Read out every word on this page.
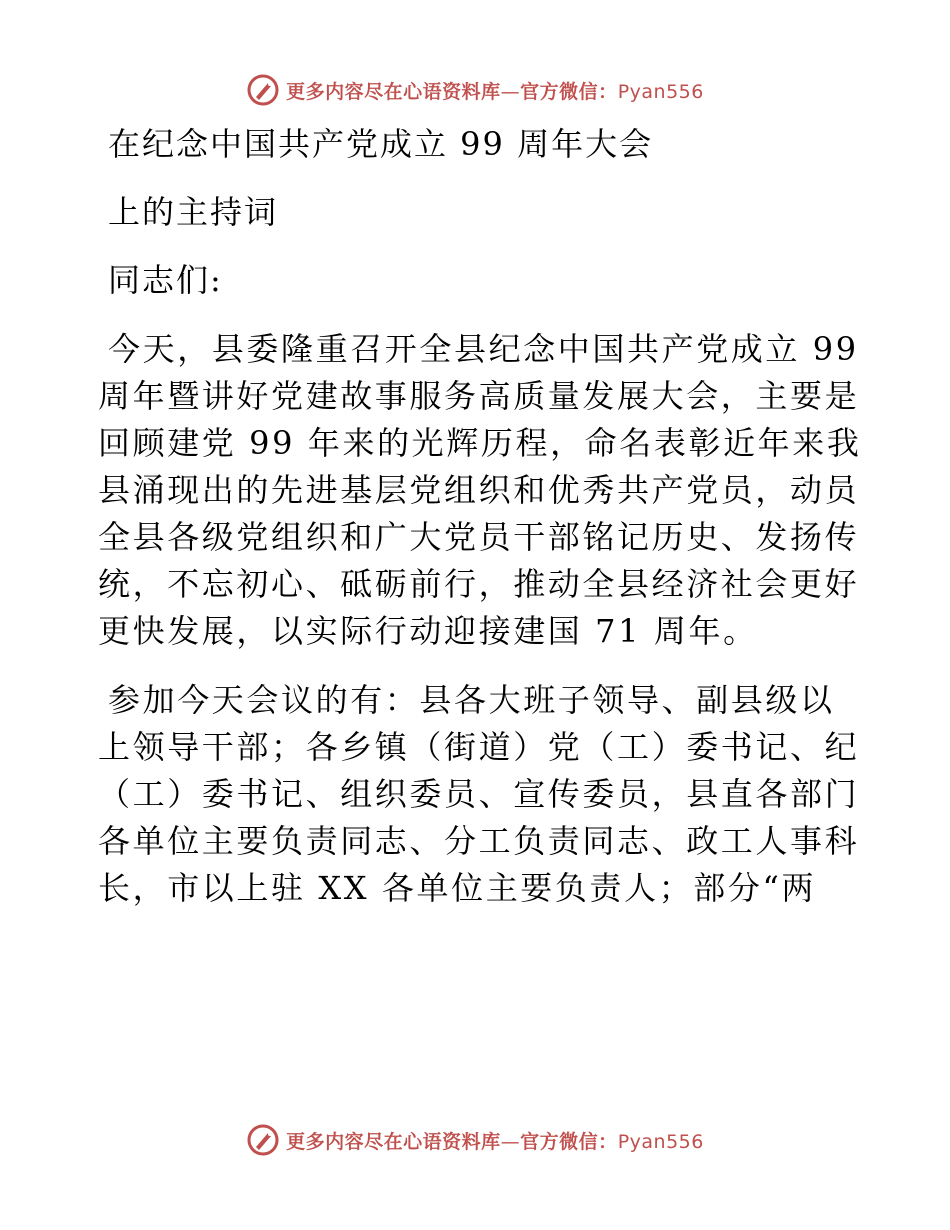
更多内容尽在心语资料库—官方微信：Pyan556
在纪念中国共产党成立 99 周年大会
上的主持词
同志们:
今天，县委隆重召开全县纪念中国共产党成立 99
周年暨讲好党建故事服务高质量发展大会，主要是
回顾建党 99 年来的光辉历程，命名表彰近年来我
县涌现出的先进基层党组织和优秀共产党员，动员
全县各级党组织和广大党员干部铭记历史、发扬传
统，不忘初心、砥砺前行，推动全县经济社会更好
更快发展，以实际行动迎接建国 71 周年。
参加今天会议的有：县各大班子领导、副县级以
上领导干部；各乡镇（街道）党（工）委书记、纪
（工）委书记、组织委员、宣传委员，县直各部门
各单位主要负责同志、分工负责同志、政工人事科
长，市以上驻 XX 各单位主要负责人；部分“两
更多内容尽在心语资料库—官方微信：Pyan556
